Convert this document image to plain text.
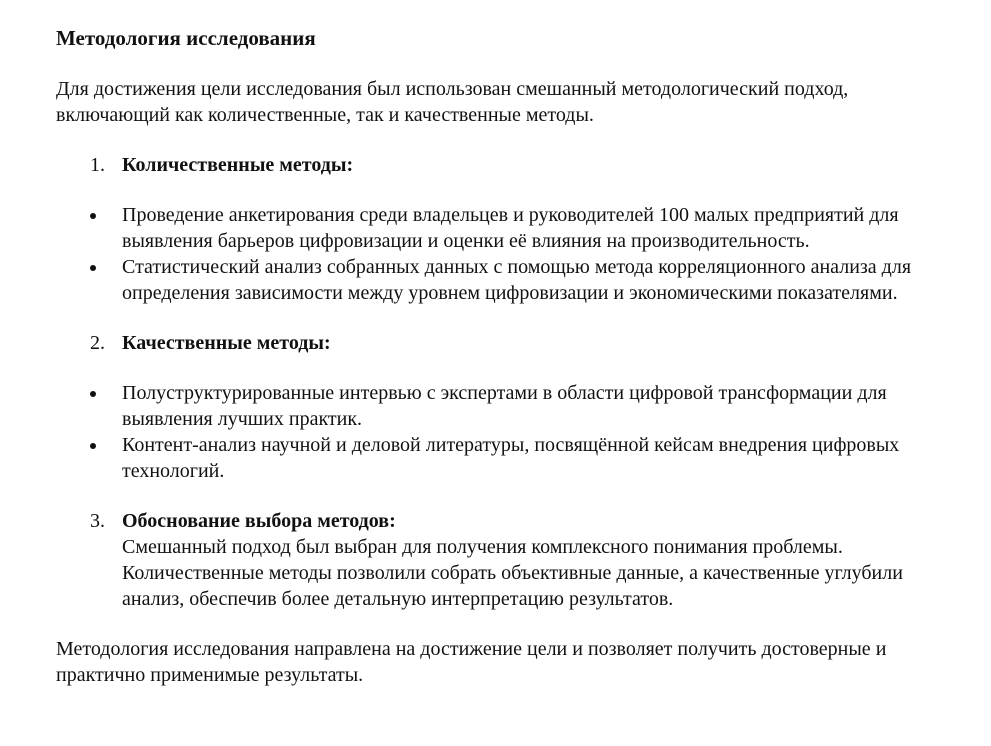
Методология исследования

Для достижения цели исследования был использован смешанный методологический подход, включающий как количественные, так и качественные методы.

1. Количественные методы:
Проведение анкетирования среди владельцев и руководителей 100 малых предприятий для выявления барьеров цифровизации и оценки её влияния на производительность.
Статистический анализ собранных данных с помощью метода корреляционного анализа для определения зависимости между уровнем цифровизации и экономическими показателями.
2. Качественные методы:
Полуструктурированные интервью с экспертами в области цифровой трансформации для выявления лучших практик.
Контент-анализ научной и деловой литературы, посвящённой кейсам внедрения цифровых технологий.
3. Обоснование выбора методов:
Смешанный подход был выбран для получения комплексного понимания проблемы. Количественные методы позволили собрать объективные данные, а качественные углубили анализ, обеспечив более детальную интерпретацию результатов.

Методология исследования направлена на достижение цели и позволяет получить достоверные и практично применимые результаты.
